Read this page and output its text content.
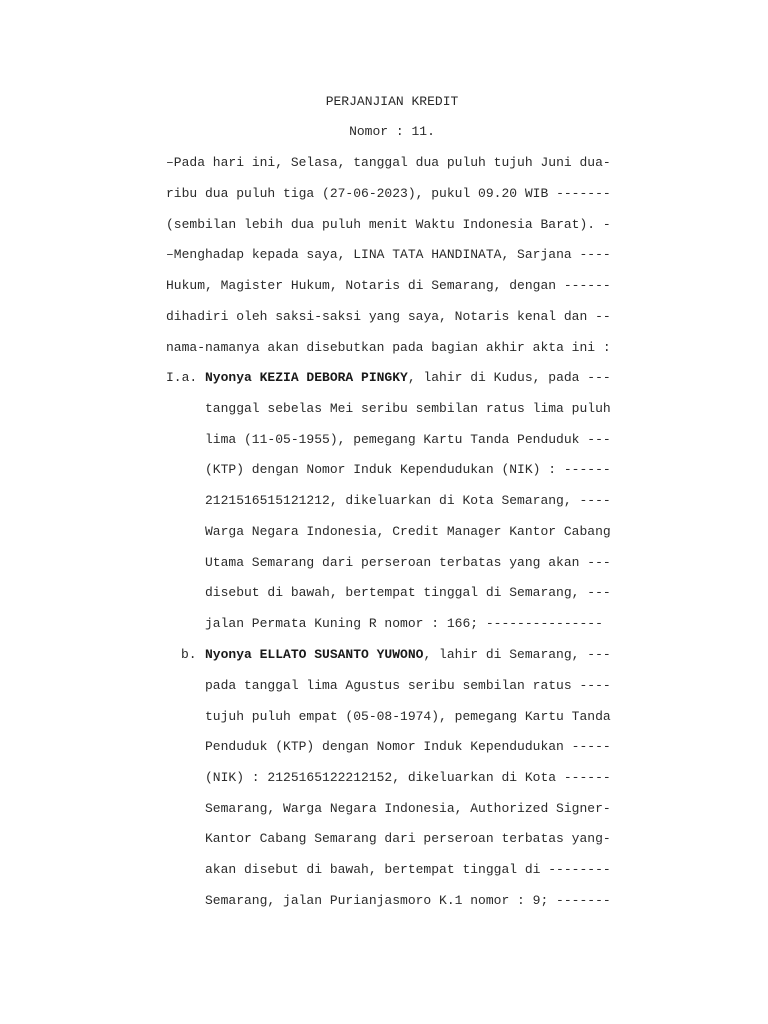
PERJANJIAN KREDIT
Nomor : 11.
–Pada hari ini, Selasa, tanggal dua puluh tujuh Juni dua-
ribu dua puluh tiga (27-06-2023), pukul 09.20 WIB -------
(sembilan lebih dua puluh menit Waktu Indonesia Barat). -
–Menghadap kepada saya, LINA TATA HANDINATA, Sarjana ----
Hukum, Magister Hukum, Notaris di Semarang, dengan ------
dihadiri oleh saksi-saksi yang saya, Notaris kenal dan --
nama-namanya akan disebutkan pada bagian akhir akta ini :
I.a. Nyonya KEZIA DEBORA PINGKY, lahir di Kudus, pada ---
tanggal sebelas Mei seribu sembilan ratus lima puluh
lima (11-05-1955), pemegang Kartu Tanda Penduduk ---
(KTP) dengan Nomor Induk Kependudukan (NIK) : ------
2121516515121212, dikeluarkan di Kota Semarang, ----
Warga Negara Indonesia, Credit Manager Kantor Cabang
Utama Semarang dari perseroan terbatas yang akan ---
disebut di bawah, bertempat tinggal di Semarang, ---
jalan Permata Kuning R nomor : 166; ---------------
b. Nyonya ELLATO SUSANTO YUWONO, lahir di Semarang, ---
pada tanggal lima Agustus seribu sembilan ratus ----
tujuh puluh empat (05-08-1974), pemegang Kartu Tanda
Penduduk (KTP) dengan Nomor Induk Kependudukan -----
(NIK) : 2125165122212152, dikeluarkan di Kota ------
Semarang, Warga Negara Indonesia, Authorized Signer-
Kantor Cabang Semarang dari perseroan terbatas yang-
akan disebut di bawah, bertempat tinggal di --------
Semarang, jalan Purianjasmoro K.1 nomor : 9; -------
